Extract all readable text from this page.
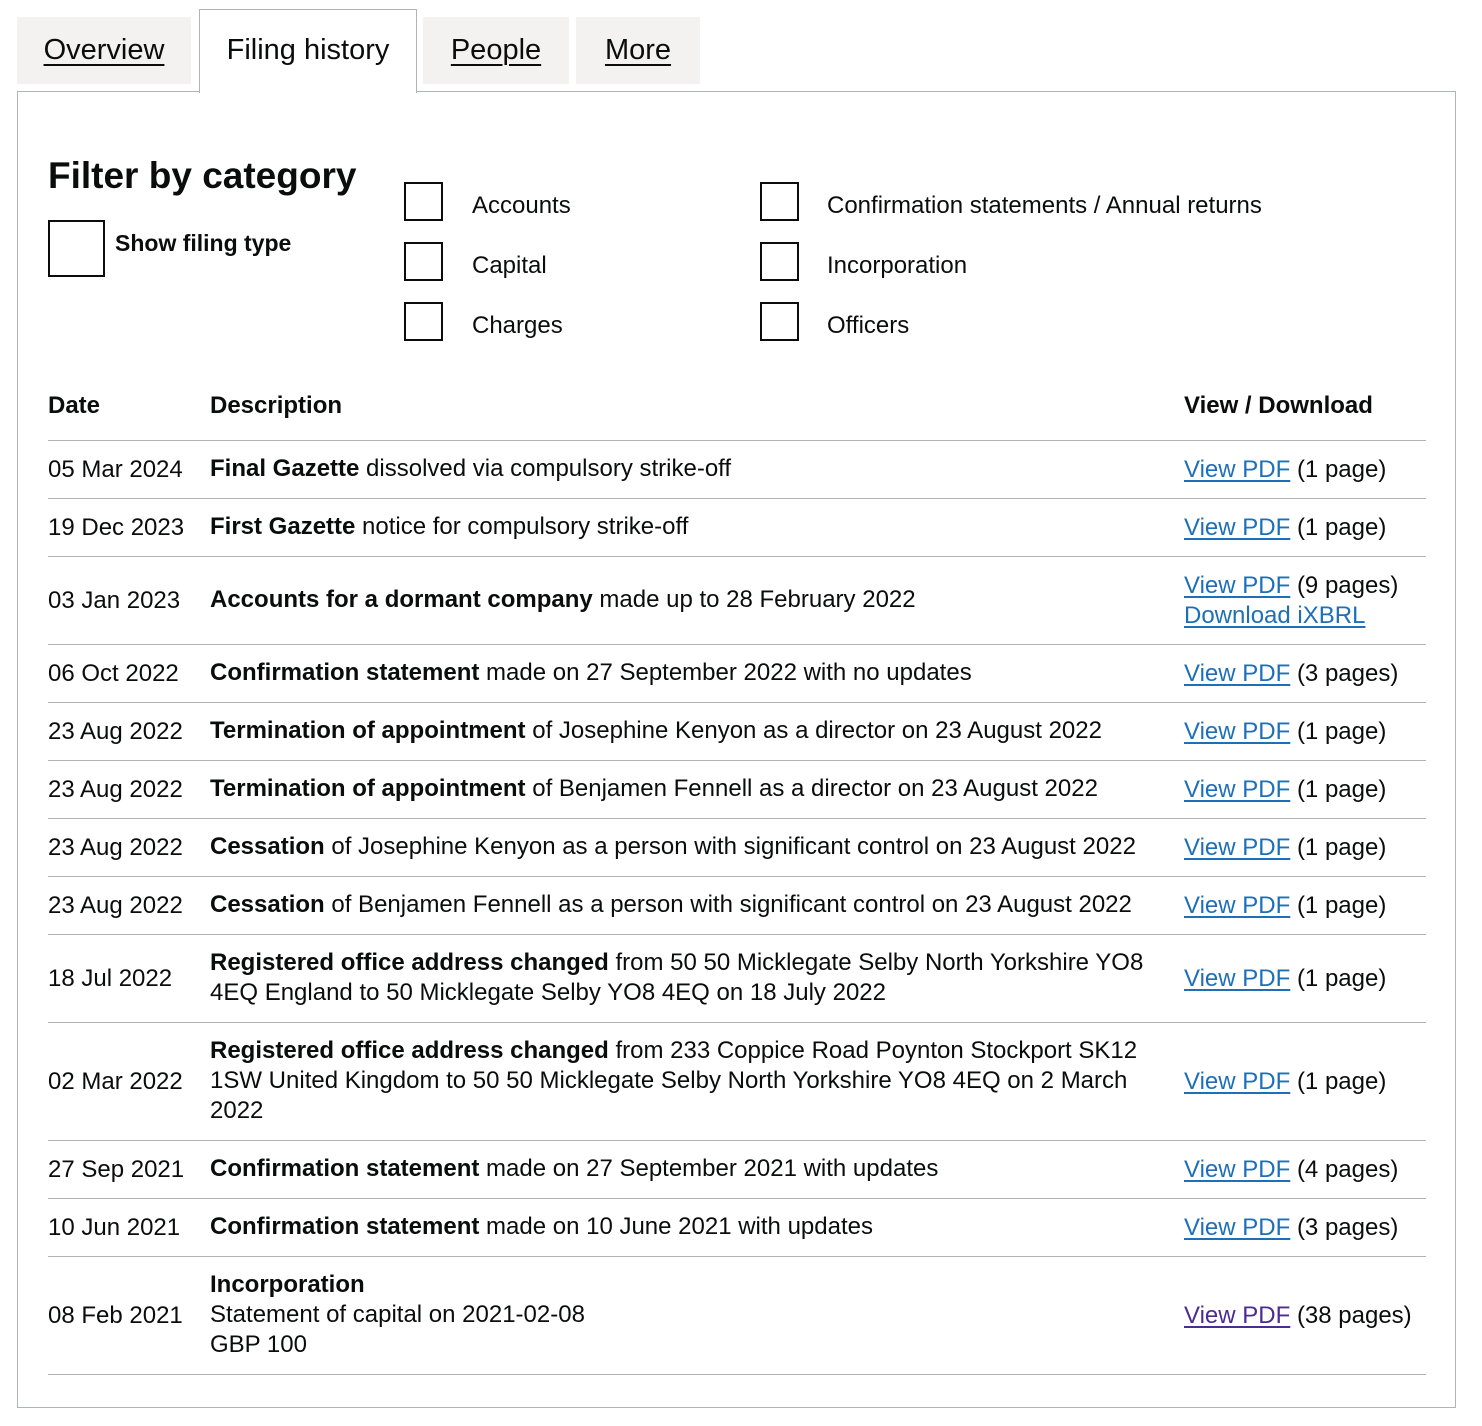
Overview	Filing history	People	More
Filter by category
Show filing type
Accounts	Confirmation statements / Annual returns
Capital	Incorporation
Charges	Officers
Date	Description	View / Download
05 Mar 2024	Final Gazette dissolved via compulsory strike-off	View PDF (1 page)
19 Dec 2023	First Gazette notice for compulsory strike-off	View PDF (1 page)
03 Jan 2023	Accounts for a dormant company made up to 28 February 2022	View PDF (9 pages)
Download iXBRL
06 Oct 2022	Confirmation statement made on 27 September 2022 with no updates	View PDF (3 pages)
23 Aug 2022	Termination of appointment of Josephine Kenyon as a director on 23 August 2022	View PDF (1 page)
23 Aug 2022	Termination of appointment of Benjamen Fennell as a director on 23 August 2022	View PDF (1 page)
23 Aug 2022	Cessation of Josephine Kenyon as a person with significant control on 23 August 2022	View PDF (1 page)
23 Aug 2022	Cessation of Benjamen Fennell as a person with significant control on 23 August 2022	View PDF (1 page)
18 Jul 2022	Registered office address changed from 50 50 Micklegate Selby North Yorkshire YO8 4EQ England to 50 Micklegate Selby YO8 4EQ on 18 July 2022	View PDF (1 page)
02 Mar 2022	Registered office address changed from 233 Coppice Road Poynton Stockport SK12 1SW United Kingdom to 50 50 Micklegate Selby North Yorkshire YO8 4EQ on 2 March 2022	View PDF (1 page)
27 Sep 2021	Confirmation statement made on 27 September 2021 with updates	View PDF (4 pages)
10 Jun 2021	Confirmation statement made on 10 June 2021 with updates	View PDF (3 pages)
08 Feb 2021	Incorporation
Statement of capital on 2021-02-08
GBP 100	View PDF (38 pages)
